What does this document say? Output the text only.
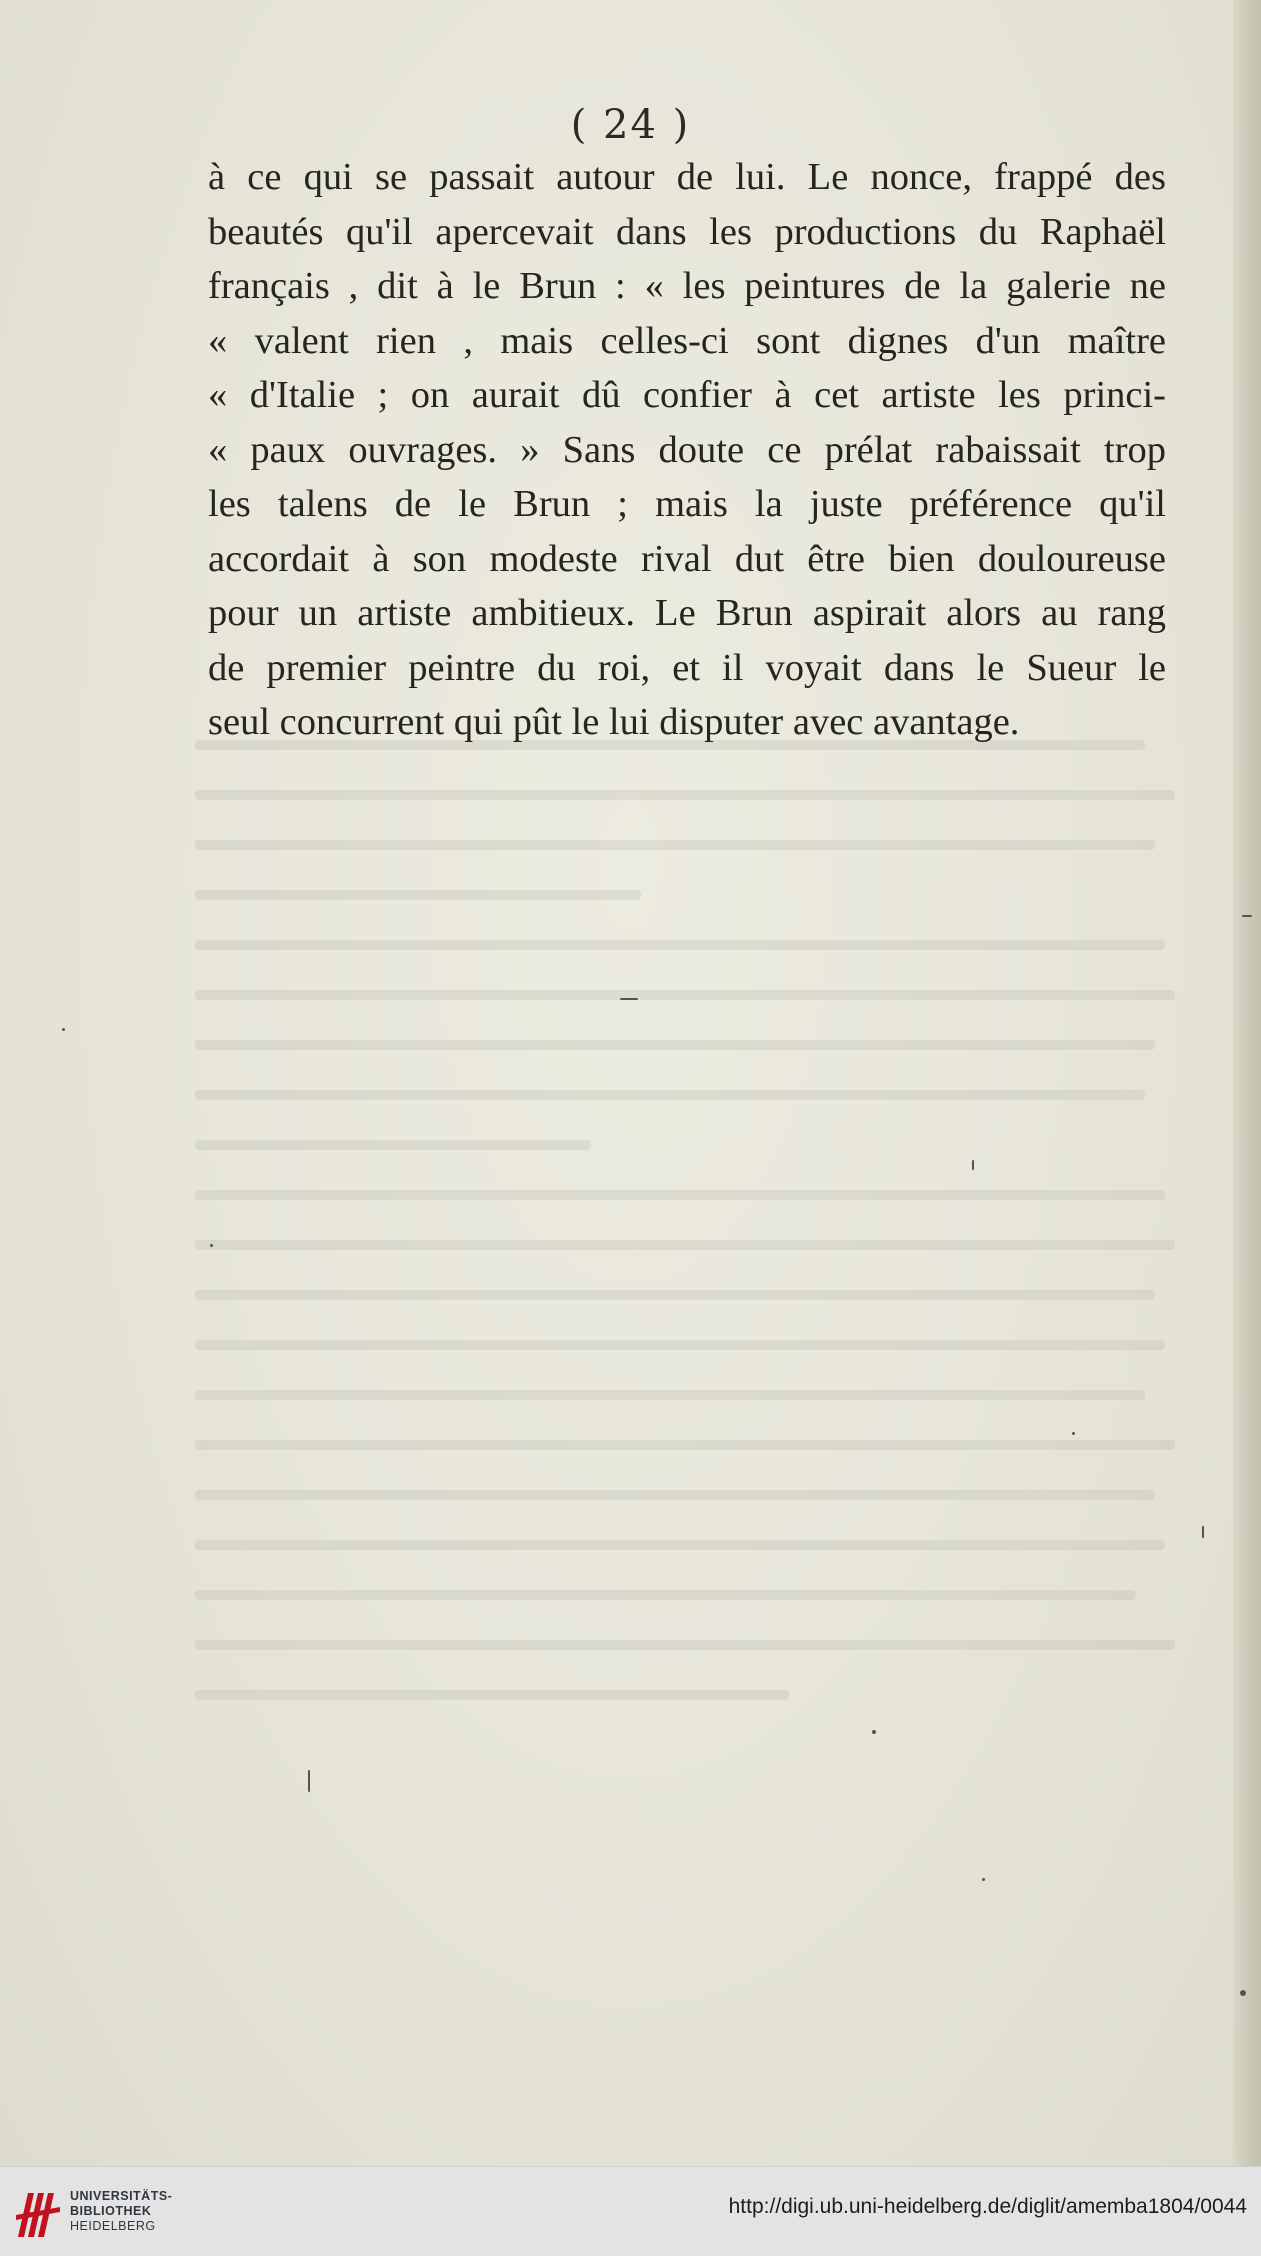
( 24 )
à ce qui se passait autour de lui. Le nonce, frappé des
beautés qu'il apercevait dans les productions du Raphaël
français , dit à le Brun : « les peintures de la galerie ne
« valent rien , mais celles-ci sont dignes d'un maître
« d'Italie ; on aurait dû confier à cet artiste les princi-
« paux ouvrages. » Sans doute ce prélat rabaissait trop
les talens de le Brun ; mais la juste préférence qu'il
accordait à son modeste rival dut être bien douloureuse
pour un artiste ambitieux. Le Brun aspirait alors au rang
de premier peintre du roi, et il voyait dans le Sueur le
seul concurrent qui pût le lui disputer avec avantage.
UNIVERSITÄTS-
BIBLIOTHEK
HEIDELBERG
http://digi.ub.uni-heidelberg.de/diglit/amemba1804/0044
